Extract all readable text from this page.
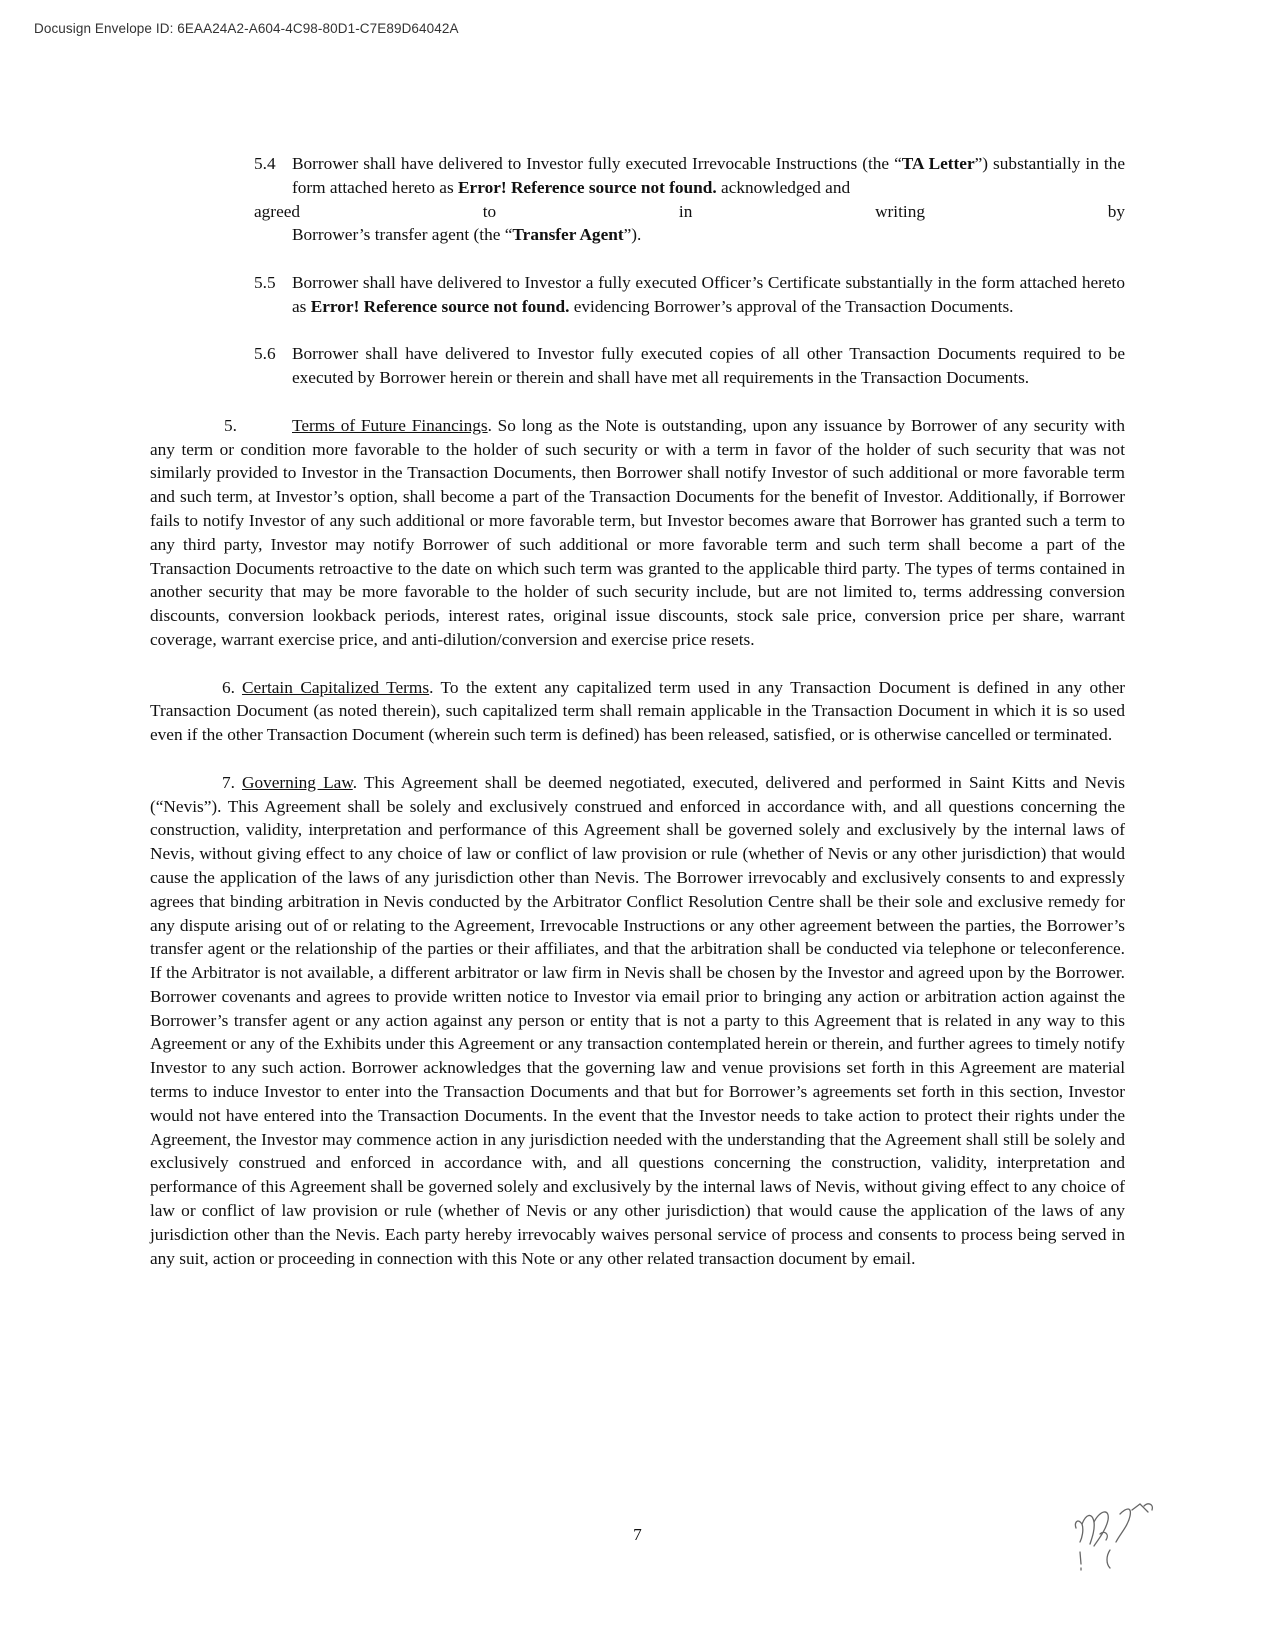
Docusign Envelope ID: 6EAA24A2-A604-4C98-80D1-C7E89D64042A
5.4 Borrower shall have delivered to Investor fully executed Irrevocable Instructions (the “TA Letter”) substantially in the form attached hereto as Error! Reference source not found. acknowledged and
agreed	to	in	writing	by
Borrower’s transfer agent (the “Transfer Agent”).
5.5 Borrower shall have delivered to Investor a fully executed Officer’s Certificate substantially in the form attached hereto as Error! Reference source not found. evidencing Borrower’s approval of the Transaction Documents.
5.6 Borrower shall have delivered to Investor fully executed copies of all other Transaction Documents required to be executed by Borrower herein or therein and shall have met all requirements in the Transaction Documents.
5.	Terms of Future Financings. So long as the Note is outstanding, upon any issuance by Borrower of any security with any term or condition more favorable to the holder of such security or with a term in favor of the holder of such security that was not similarly provided to Investor in the Transaction Documents, then Borrower shall notify Investor of such additional or more favorable term and such term, at Investor’s option, shall become a part of the Transaction Documents for the benefit of Investor. Additionally, if Borrower fails to notify Investor of any such additional or more favorable term, but Investor becomes aware that Borrower has granted such a term to any third party, Investor may notify Borrower of such additional or more favorable term and such term shall become a part of the Transaction Documents retroactive to the date on which such term was granted to the applicable third party. The types of terms contained in another security that may be more favorable to the holder of such security include, but are not limited to, terms addressing conversion discounts, conversion lookback periods, interest rates, original issue discounts, stock sale price, conversion price per share, warrant coverage, warrant exercise price, and anti-dilution/conversion and exercise price resets.
6. Certain Capitalized Terms. To the extent any capitalized term used in any Transaction Document is defined in any other Transaction Document (as noted therein), such capitalized term shall remain applicable in the Transaction Document in which it is so used even if the other Transaction Document (wherein such term is defined) has been released, satisfied, or is otherwise cancelled or terminated.
7. Governing Law. This Agreement shall be deemed negotiated, executed, delivered and performed in Saint Kitts and Nevis (“Nevis”). This Agreement shall be solely and exclusively construed and enforced in accordance with, and all questions concerning the construction, validity, interpretation and performance of this Agreement shall be governed solely and exclusively by the internal laws of Nevis, without giving effect to any choice of law or conflict of law provision or rule (whether of Nevis or any other jurisdiction) that would cause the application of the laws of any jurisdiction other than Nevis. The Borrower irrevocably and exclusively consents to and expressly agrees that binding arbitration in Nevis conducted by the Arbitrator Conflict Resolution Centre shall be their sole and exclusive remedy for any dispute arising out of or relating to the Agreement, Irrevocable Instructions or any other agreement between the parties, the Borrower’s transfer agent or the relationship of the parties or their affiliates, and that the arbitration shall be conducted via telephone or teleconference. If the Arbitrator is not available, a different arbitrator or law firm in Nevis shall be chosen by the Investor and agreed upon by the Borrower. Borrower covenants and agrees to provide written notice to Investor via email prior to bringing any action or arbitration action against the Borrower’s transfer agent or any action against any person or entity that is not a party to this Agreement that is related in any way to this Agreement or any of the Exhibits under this Agreement or any transaction contemplated herein or therein, and further agrees to timely notify Investor to any such action. Borrower acknowledges that the governing law and venue provisions set forth in this Agreement are material terms to induce Investor to enter into the Transaction Documents and that but for Borrower’s agreements set forth in this section, Investor would not have entered into the Transaction Documents. In the event that the Investor needs to take action to protect their rights under the Agreement, the Investor may commence action in any jurisdiction needed with the understanding that the Agreement shall still be solely and exclusively construed and enforced in accordance with, and all questions concerning the construction, validity, interpretation and performance of this Agreement shall be governed solely and exclusively by the internal laws of Nevis, without giving effect to any choice of law or conflict of law provision or rule (whether of Nevis or any other jurisdiction) that would cause the application of the laws of any jurisdiction other than the Nevis. Each party hereby irrevocably waives personal service of process and consents to process being served in any suit, action or proceeding in connection with this Note or any other related transaction document by email.
7
